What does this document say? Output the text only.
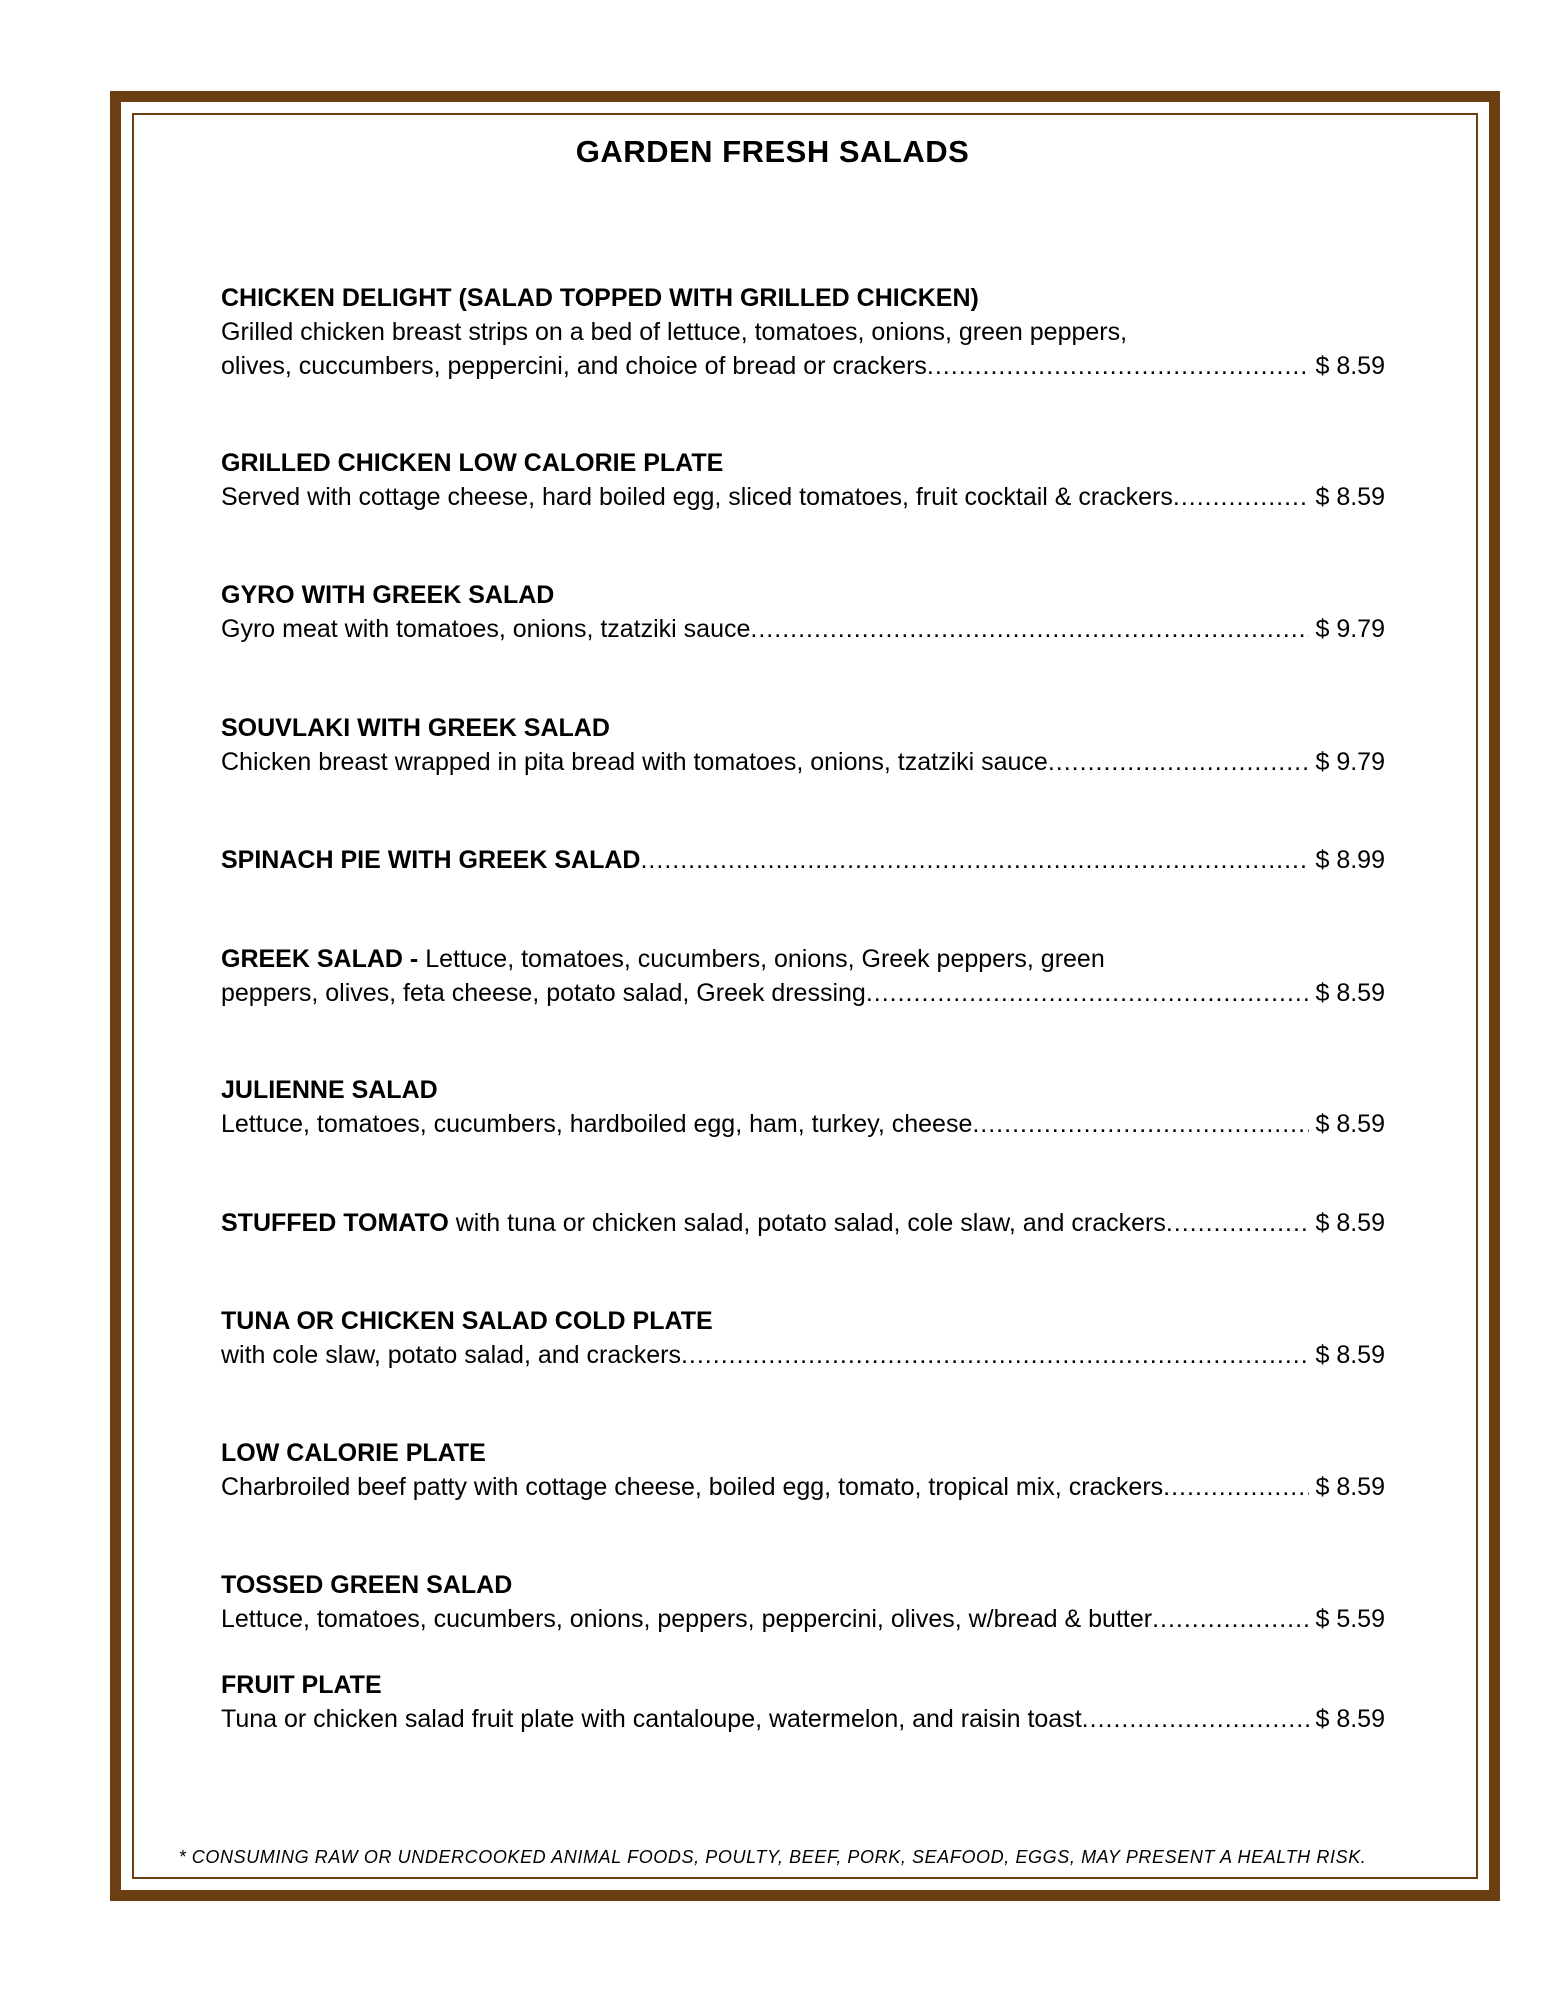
GARDEN FRESH SALADS
CHICKEN DELIGHT (SALAD TOPPED WITH GRILLED CHICKEN)
Grilled chicken breast strips on a bed of lettuce, tomatoes, onions, green peppers,
olives, cuccumbers, peppercini, and choice of bread or crackers .....	$ 8.59
GRILLED CHICKEN LOW CALORIE PLATE
Served with cottage cheese, hard boiled egg, sliced tomatoes, fruit cocktail & crackers .....	$ 8.59
GYRO WITH GREEK SALAD
Gyro meat with tomatoes, onions, tzatziki sauce .....	$ 9.79
SOUVLAKI WITH GREEK SALAD
Chicken breast wrapped in pita bread with tomatoes, onions, tzatziki sauce .....	$ 9.79
SPINACH PIE WITH GREEK SALAD .....	$ 8.99
GREEK SALAD - Lettuce, tomatoes, cucumbers, onions, Greek peppers, green
peppers, olives, feta cheese, potato salad, Greek dressing .....	$ 8.59
JULIENNE SALAD
Lettuce, tomatoes, cucumbers, hardboiled egg, ham, turkey, cheese .....	$ 8.59
STUFFED TOMATO with tuna or chicken salad, potato salad, cole slaw, and crackers .....	$ 8.59
TUNA OR CHICKEN SALAD COLD PLATE
with cole slaw, potato salad, and crackers .....	$ 8.59
LOW CALORIE PLATE
Charbroiled beef patty with cottage cheese, boiled egg, tomato, tropical mix, crackers .....	$ 8.59
TOSSED GREEN SALAD
Lettuce, tomatoes, cucumbers, onions, peppers, peppercini, olives, w/bread & butter .....	$ 5.59
FRUIT PLATE
Tuna or chicken salad fruit plate with cantaloupe, watermelon, and raisin toast .....	$ 8.59
* CONSUMING RAW OR UNDERCOOKED ANIMAL FOODS, POULTY, BEEF, PORK, SEAFOOD, EGGS, MAY PRESENT A HEALTH RISK.
